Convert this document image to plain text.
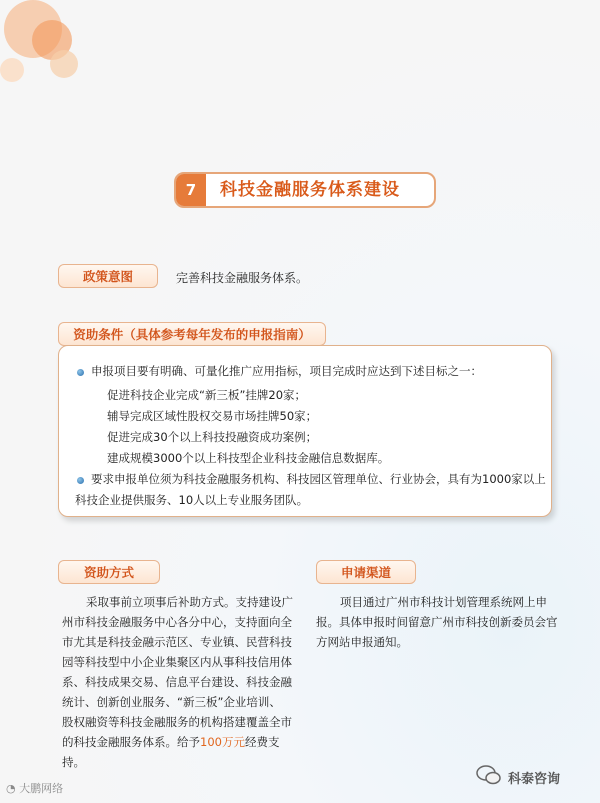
7	科技金融服务体系建设
政策意图	完善科技金融服务体系。
资助条件（具体参考每年发布的申报指南）
申报项目要有明确、可量化推广应用指标，项目完成时应达到下述目标之一：
促进科技企业完成“新三板”挂牌20家；
辅导完成区域性股权交易市场挂牌50家；
促进完成30个以上科技投融资成功案例；
建成规模3000个以上科技型企业科技金融信息数据库。
要求申报单位须为科技金融服务机构、科技园区管理单位、行业协会，具有为1000家以上
科技企业提供服务、10人以上专业服务团队。
资助方式
采取事前立项事后补助方式。支持建设广
州市科技金融服务中心各分中心，支持面向全
市尤其是科技金融示范区、专业镇、民营科技
园等科技型中小企业集聚区内从事科技信用体
系、科技成果交易、信息平台建设、科技金融
统计、创新创业服务、“新三板”企业培训、
股权融资等科技金融服务的机构搭建覆盖全市
的科技金融服务体系。给予100万元经费支
持。
申请渠道
项目通过广州市科技计划管理系统网上申
报。具体申报时间留意广州市科技创新委员会官
方网站申报通知。
◔ 大鹏网络
科泰咨询
